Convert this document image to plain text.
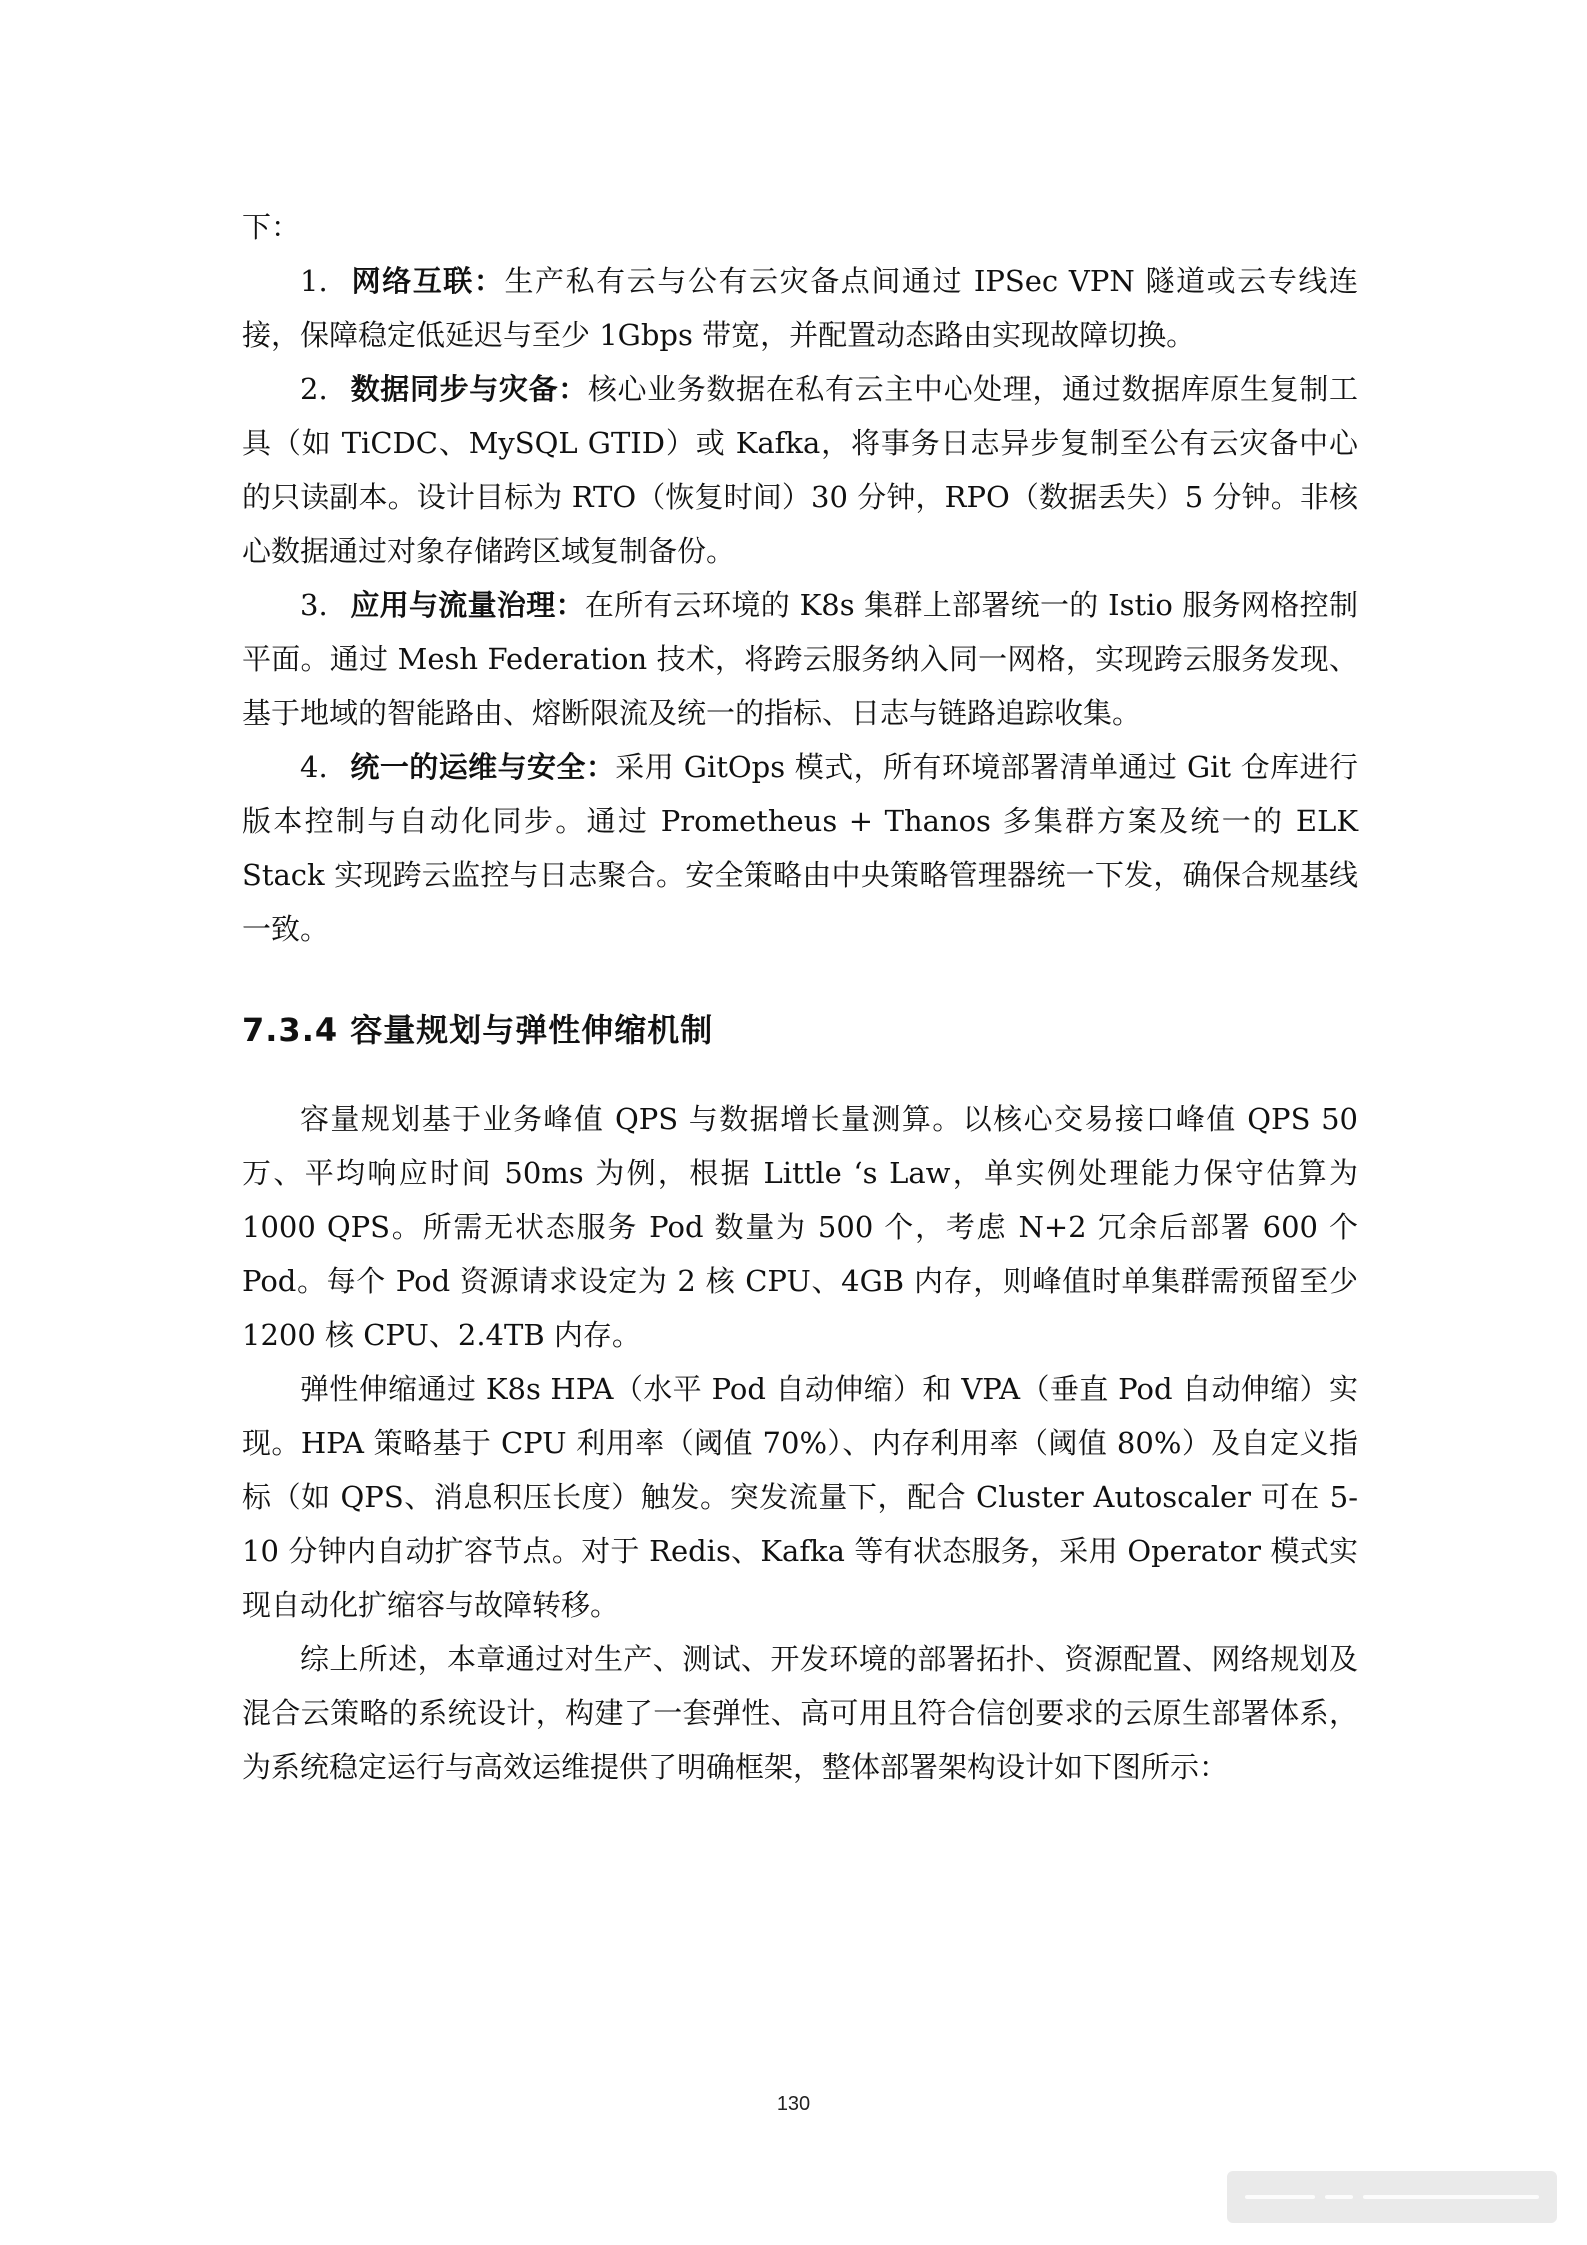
下：

1. 网络互联：生产私有云与公有云灾备点间通过 IPSec VPN 隧道或云专线连接，保障稳定低延迟与至少 1Gbps 带宽，并配置动态路由实现故障切换。

2. 数据同步与灾备：核心业务数据在私有云主中心处理，通过数据库原生复制工具（如 TiCDC、MySQL GTID）或 Kafka，将事务日志异步复制至公有云灾备中心的只读副本。设计目标为 RTO（恢复时间）30 分钟，RPO（数据丢失）5 分钟。非核心数据通过对象存储跨区域复制备份。

3. 应用与流量治理：在所有云环境的 K8s 集群上部署统一的 Istio 服务网格控制平面。通过 Mesh Federation 技术，将跨云服务纳入同一网格，实现跨云服务发现、基于地域的智能路由、熔断限流及统一的指标、日志与链路追踪收集。

4. 统一的运维与安全：采用 GitOps 模式，所有环境部署清单通过 Git 仓库进行版本控制与自动化同步。通过 Prometheus + Thanos 多集群方案及统一的 ELK Stack 实现跨云监控与日志聚合。安全策略由中央策略管理器统一下发，确保合规基线一致。

7.3.4 容量规划与弹性伸缩机制

容量规划基于业务峰值 QPS 与数据增长量测算。以核心交易接口峰值 QPS 50 万、平均响应时间 50ms 为例，根据 Little ‘s Law，单实例处理能力保守估算为 1000 QPS。所需无状态服务 Pod 数量为 500 个，考虑 N+2 冗余后部署 600 个 Pod。每个 Pod 资源请求设定为 2 核 CPU、4GB 内存，则峰值时单集群需预留至少 1200 核 CPU、2.4TB 内存。

弹性伸缩通过 K8s HPA（水平 Pod 自动伸缩）和 VPA（垂直 Pod 自动伸缩）实现。HPA 策略基于 CPU 利用率（阈值 70%）、内存利用率（阈值 80%）及自定义指标（如 QPS、消息积压长度）触发。突发流量下，配合 Cluster Autoscaler 可在 5-10 分钟内自动扩容节点。对于 Redis、Kafka 等有状态服务，采用 Operator 模式实现自动化扩缩容与故障转移。

综上所述，本章通过对生产、测试、开发环境的部署拓扑、资源配置、网络规划及混合云策略的系统设计，构建了一套弹性、高可用且符合信创要求的云原生部署体系，为系统稳定运行与高效运维提供了明确框架，整体部署架构设计如下图所示：

130
